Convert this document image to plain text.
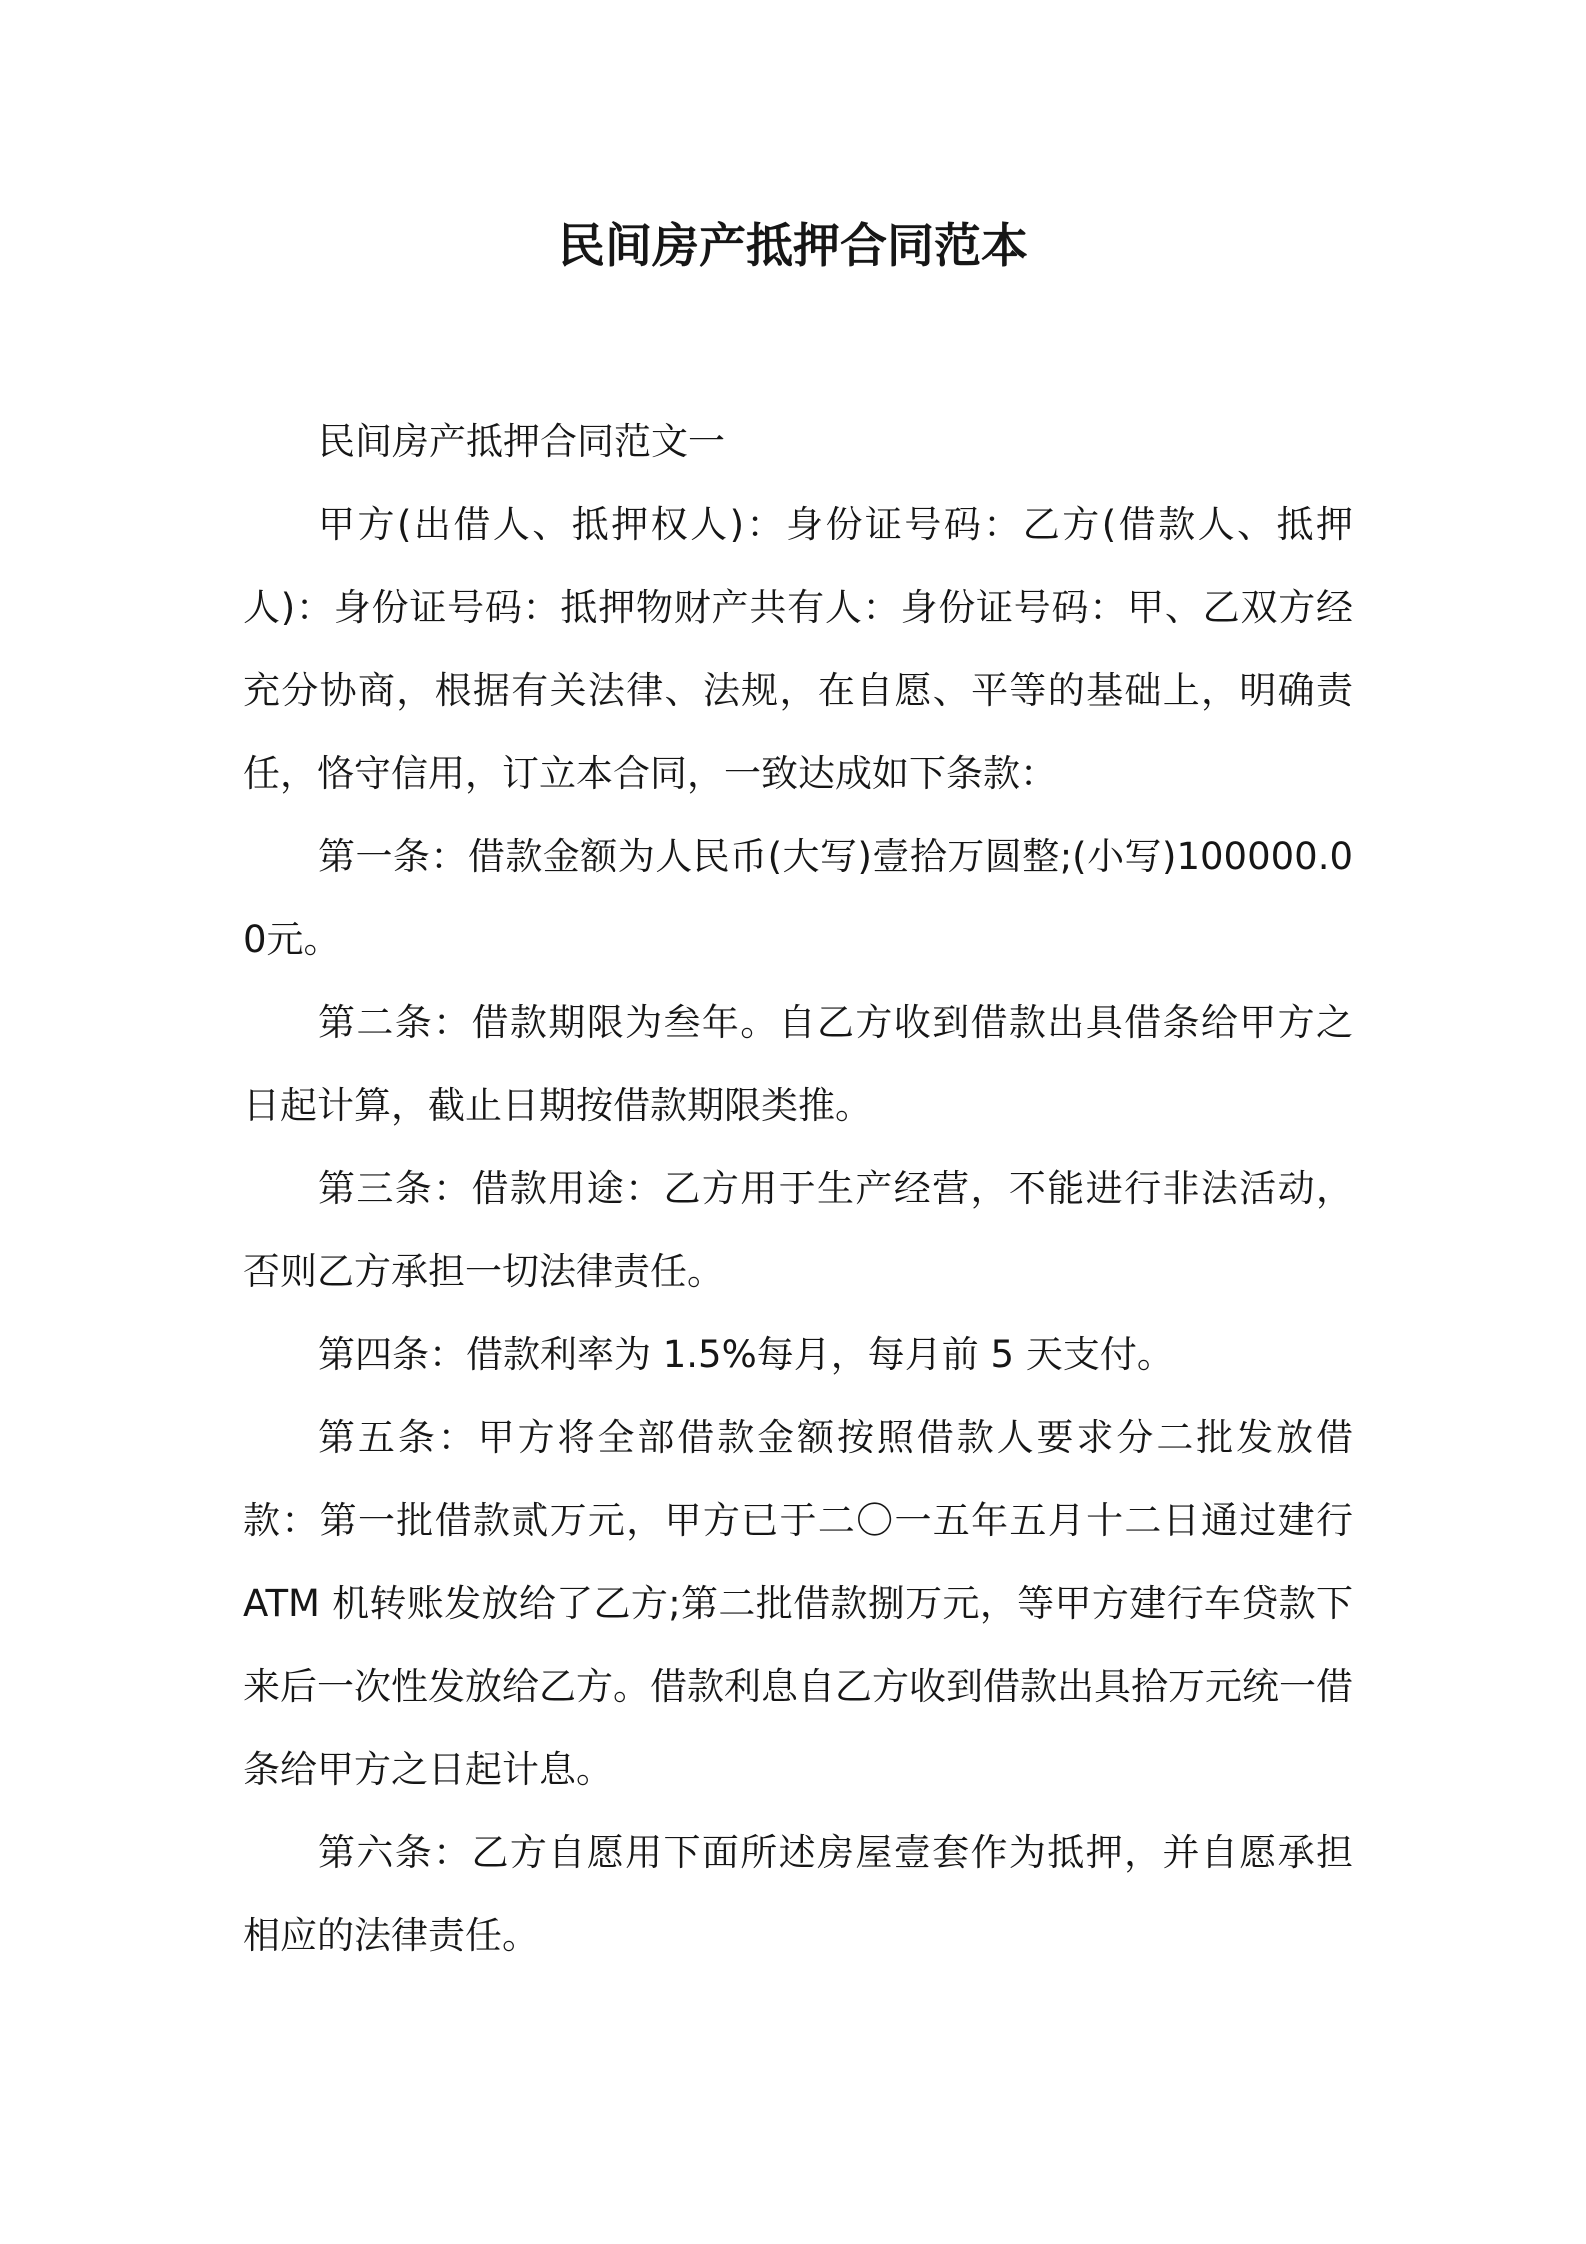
民间房产抵押合同范本

民间房产抵押合同范文一

甲方(出借人、抵押权人)：身份证号码：乙方(借款人、抵押人)：身份证号码：抵押物财产共有人：身份证号码：甲、乙双方经充分协商，根据有关法律、法规，在自愿、平等的基础上，明确责任，恪守信用，订立本合同，一致达成如下条款：

第一条：借款金额为人民币(大写)壹拾万圆整;(小写)100000.00元。

第二条：借款期限为叁年。自乙方收到借款出具借条给甲方之日起计算，截止日期按借款期限类推。

第三条：借款用途：乙方用于生产经营，不能进行非法活动，否则乙方承担一切法律责任。

第四条：借款利率为 1.5%每月，每月前 5 天支付。

第五条：甲方将全部借款金额按照借款人要求分二批发放借款：第一批借款贰万元，甲方已于二〇一五年五月十二日通过建行 ATM 机转账发放给了乙方;第二批借款捌万元，等甲方建行车贷款下来后一次性发放给乙方。借款利息自乙方收到借款出具拾万元统一借条给甲方之日起计息。

第六条：乙方自愿用下面所述房屋壹套作为抵押，并自愿承担相应的法律责任。
